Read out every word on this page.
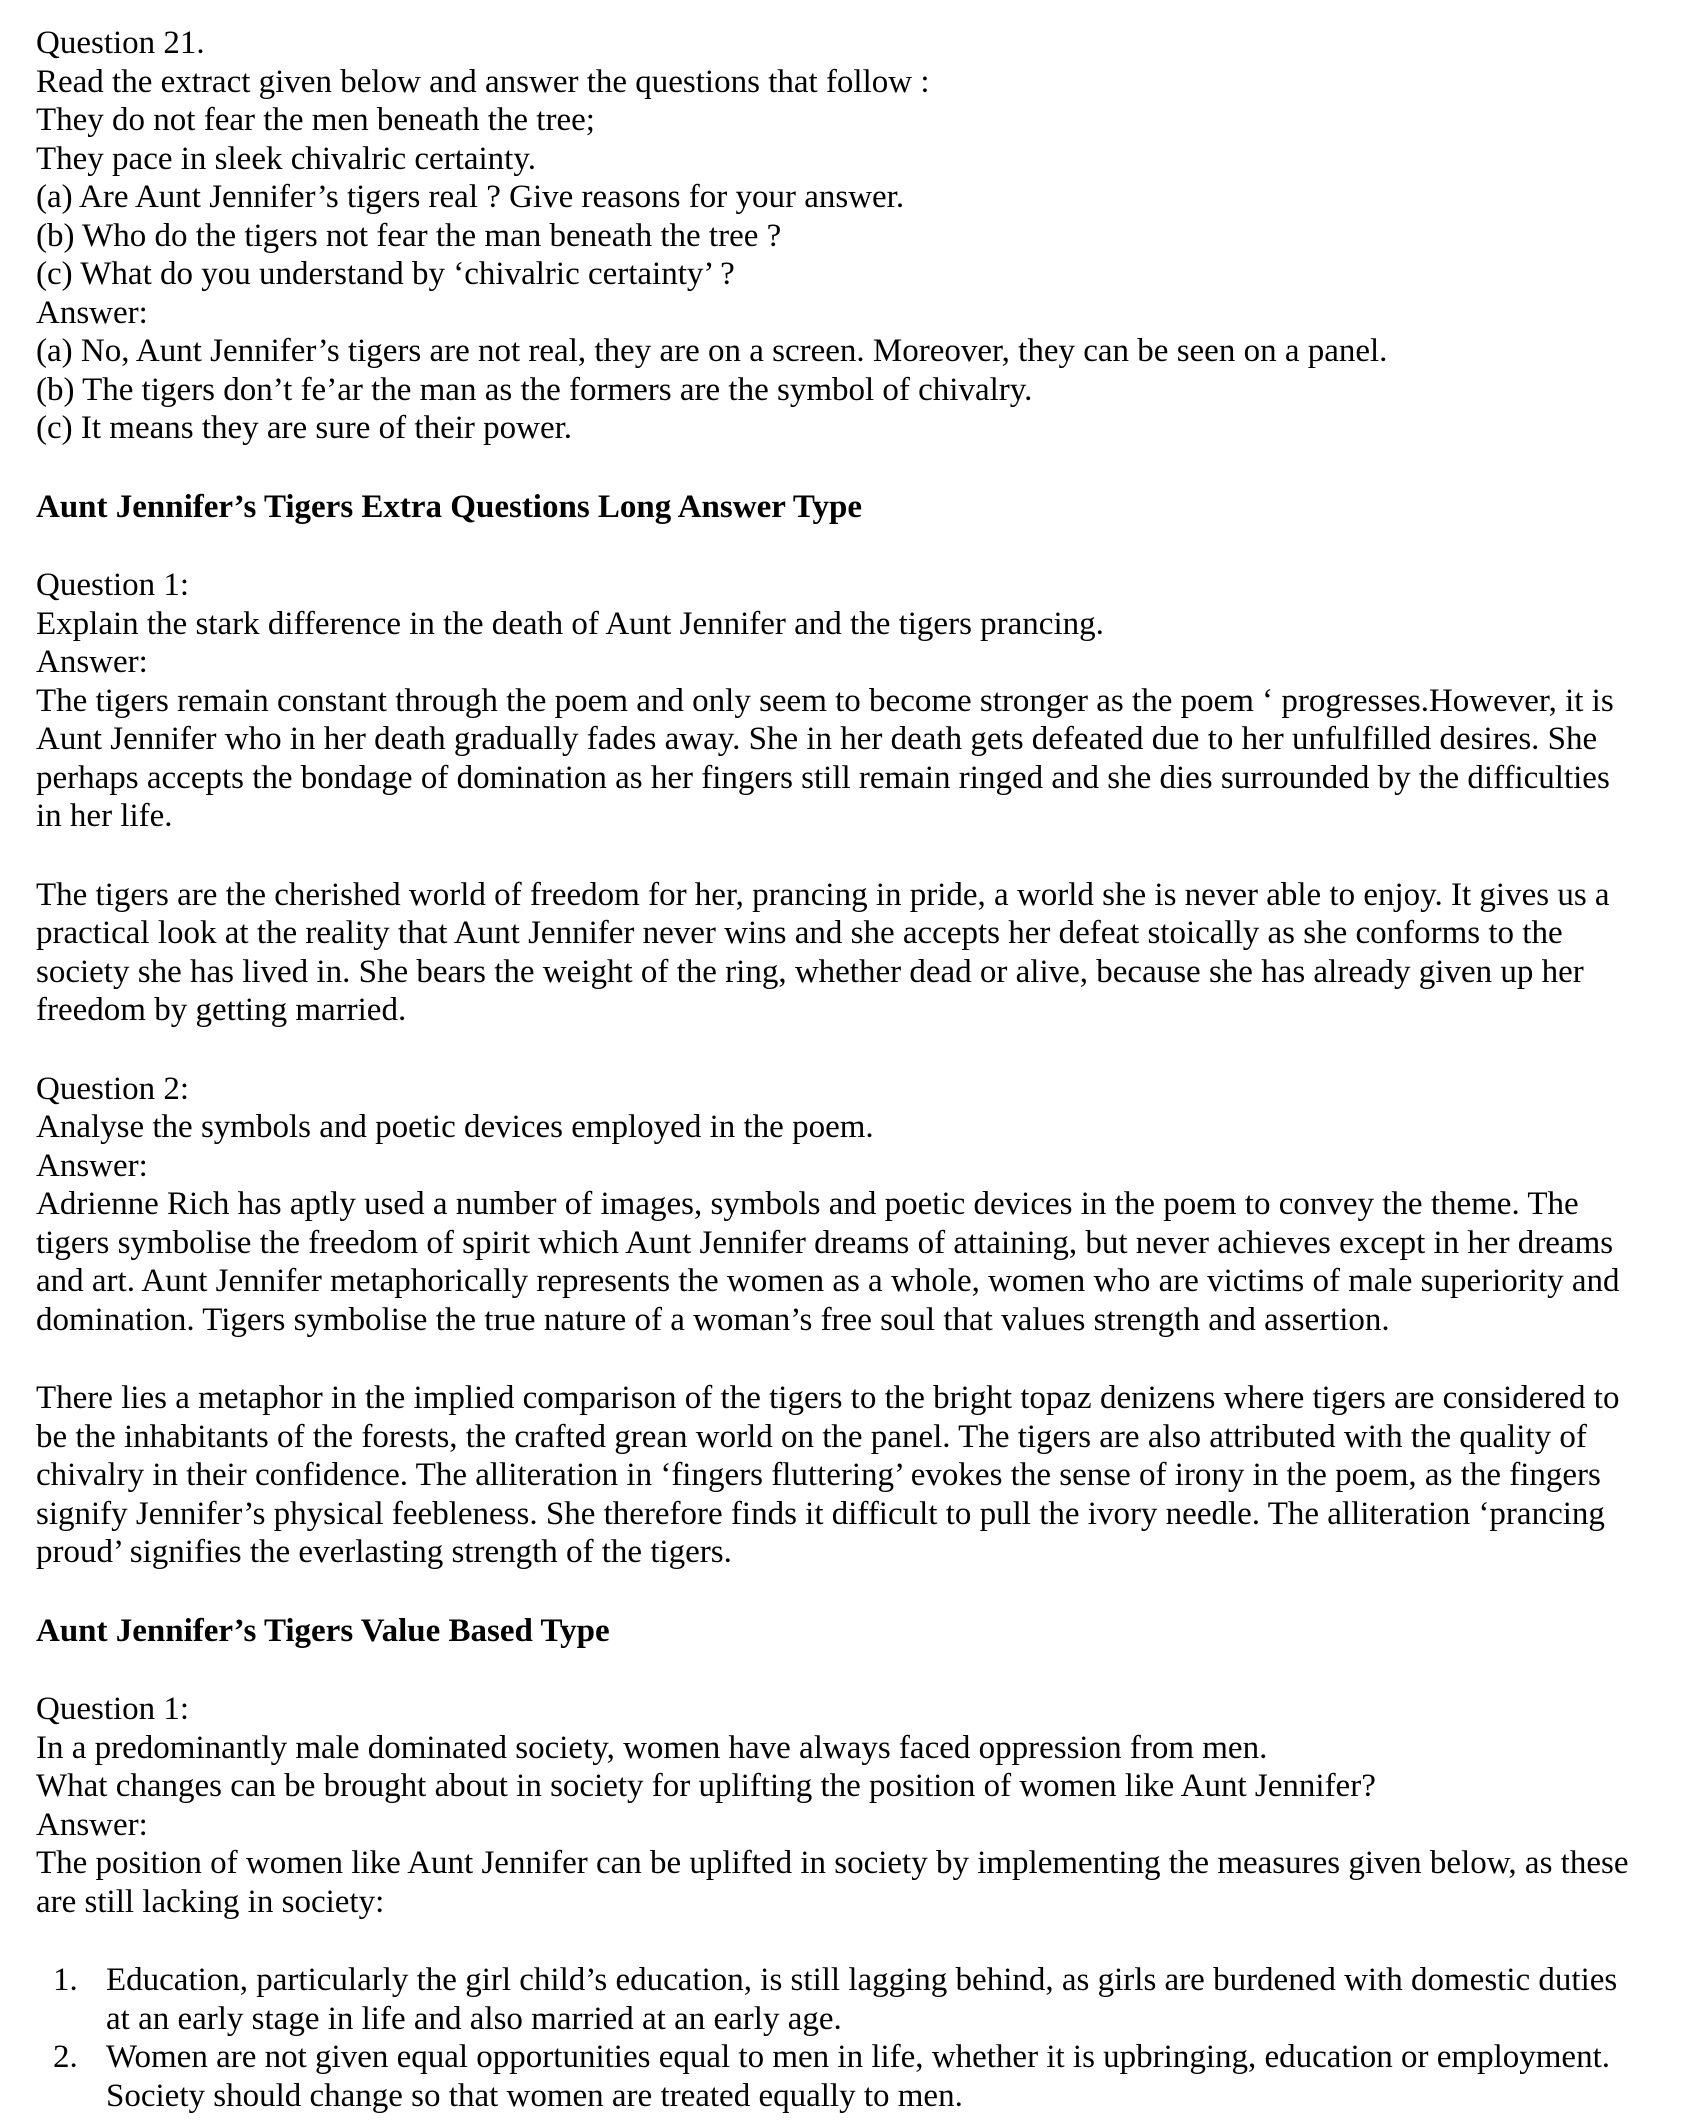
Question 21.
Read the extract given below and answer the questions that follow :
They do not fear the men beneath the tree;
They pace in sleek chivalric certainty.
(a) Are Aunt Jennifer’s tigers real ? Give reasons for your answer.
(b) Who do the tigers not fear the man beneath the tree ?
(c) What do you understand by ‘chivalric certainty’ ?
Answer:
(a) No, Aunt Jennifer’s tigers are not real, they are on a screen. Moreover, they can be seen on a panel.
(b) The tigers don’t fe’ar the man as the formers are the symbol of chivalry.
(c) It means they are sure of their power.
Aunt Jennifer’s Tigers Extra Questions Long Answer Type
Question 1:
Explain the stark difference in the death of Aunt Jennifer and the tigers prancing.
Answer:
The tigers remain constant through the poem and only seem to become stronger as the poem ‘ progresses.However, it is
Aunt Jennifer who in her death gradually fades away. She in her death gets defeated due to her unfulfilled desires. She
perhaps accepts the bondage of domination as her fingers still remain ringed and she dies surrounded by the difficulties
in her life.
The tigers are the cherished world of freedom for her, prancing in pride, a world she is never able to enjoy. It gives us a
practical look at the reality that Aunt Jennifer never wins and she accepts her defeat stoically as she conforms to the
society she has lived in. She bears the weight of the ring, whether dead or alive, because she has already given up her
freedom by getting married.
Question 2:
Analyse the symbols and poetic devices employed in the poem.
Answer:
Adrienne Rich has aptly used a number of images, symbols and poetic devices in the poem to convey the theme. The
tigers symbolise the freedom of spirit which Aunt Jennifer dreams of attaining, but never achieves except in her dreams
and art. Aunt Jennifer metaphorically represents the women as a whole, women who are victims of male superiority and
domination. Tigers symbolise the true nature of a woman’s free soul that values strength and assertion.
There lies a metaphor in the implied comparison of the tigers to the bright topaz denizens where tigers are considered to
be the inhabitants of the forests, the crafted grean world on the panel. The tigers are also attributed with the quality of
chivalry in their confidence. The alliteration in ‘fingers fluttering’ evokes the sense of irony in the poem, as the fingers
signify Jennifer’s physical feebleness. She therefore finds it difficult to pull the ivory needle. The alliteration ‘prancing
proud’ signifies the everlasting strength of the tigers.
Aunt Jennifer’s Tigers Value Based Type
Question 1:
In a predominantly male dominated society, women have always faced oppression from men.
What changes can be brought about in society for uplifting the position of women like Aunt Jennifer?
Answer:
The position of women like Aunt Jennifer can be uplifted in society by implementing the measures given below, as these
are still lacking in society:
1. Education, particularly the girl child’s education, is still lagging behind, as girls are burdened with domestic duties
at an early stage in life and also married at an early age.
2. Women are not given equal opportunities equal to men in life, whether it is upbringing, education or employment.
Society should change so that women are treated equally to men.
